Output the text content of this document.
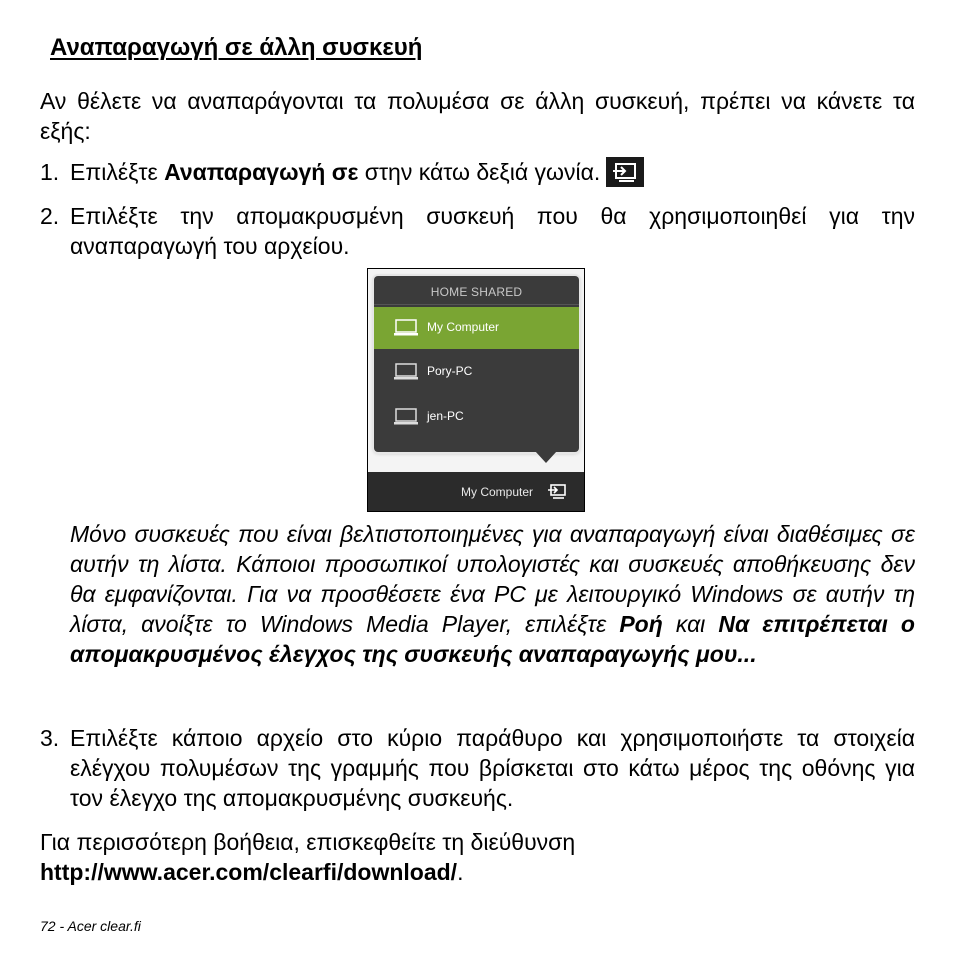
Αναπαραγωγή σε άλλη συσκευή
Αν θέλετε να αναπαράγονται τα πολυμέσα σε άλλη συσκευή, πρέπει να κάνετε τα εξής:
1. Επιλέξτε Αναπαραγωγή σε στην κάτω δεξιά γωνία.
2. Επιλέξτε την απομακρυσμένη συσκευή που θα χρησιμοποιηθεί για την αναπαραγωγή του αρχείου.
HOME SHARED
My Computer
Pory-PC
jen-PC
My Computer
Μόνο συσκευές που είναι βελτιστοποιημένες για αναπαραγωγή είναι διαθέσιμες σε αυτήν τη λίστα. Κάποιοι προσωπικοί υπολογιστές και συσκευές αποθήκευσης δεν θα εμφανίζονται. Για να προσθέσετε ένα PC με λειτουργικό Windows σε αυτήν τη λίστα, ανοίξτε το Windows Media Player, επιλέξτε Ροή και Να επιτρέπεται ο απομακρυσμένος έλεγχος της συσκευής αναπαραγωγής μου...
3. Επιλέξτε κάποιο αρχείο στο κύριο παράθυρο και χρησιμοποιήστε τα στοιχεία ελέγχου πολυμέσων της γραμμής που βρίσκεται στο κάτω μέρος της οθόνης για τον έλεγχο της απομακρυσμένης συσκευής.
Για περισσότερη βοήθεια, επισκεφθείτε τη διεύθυνση
http://www.acer.com/clearfi/download/.
72 - Acer clear.fi
